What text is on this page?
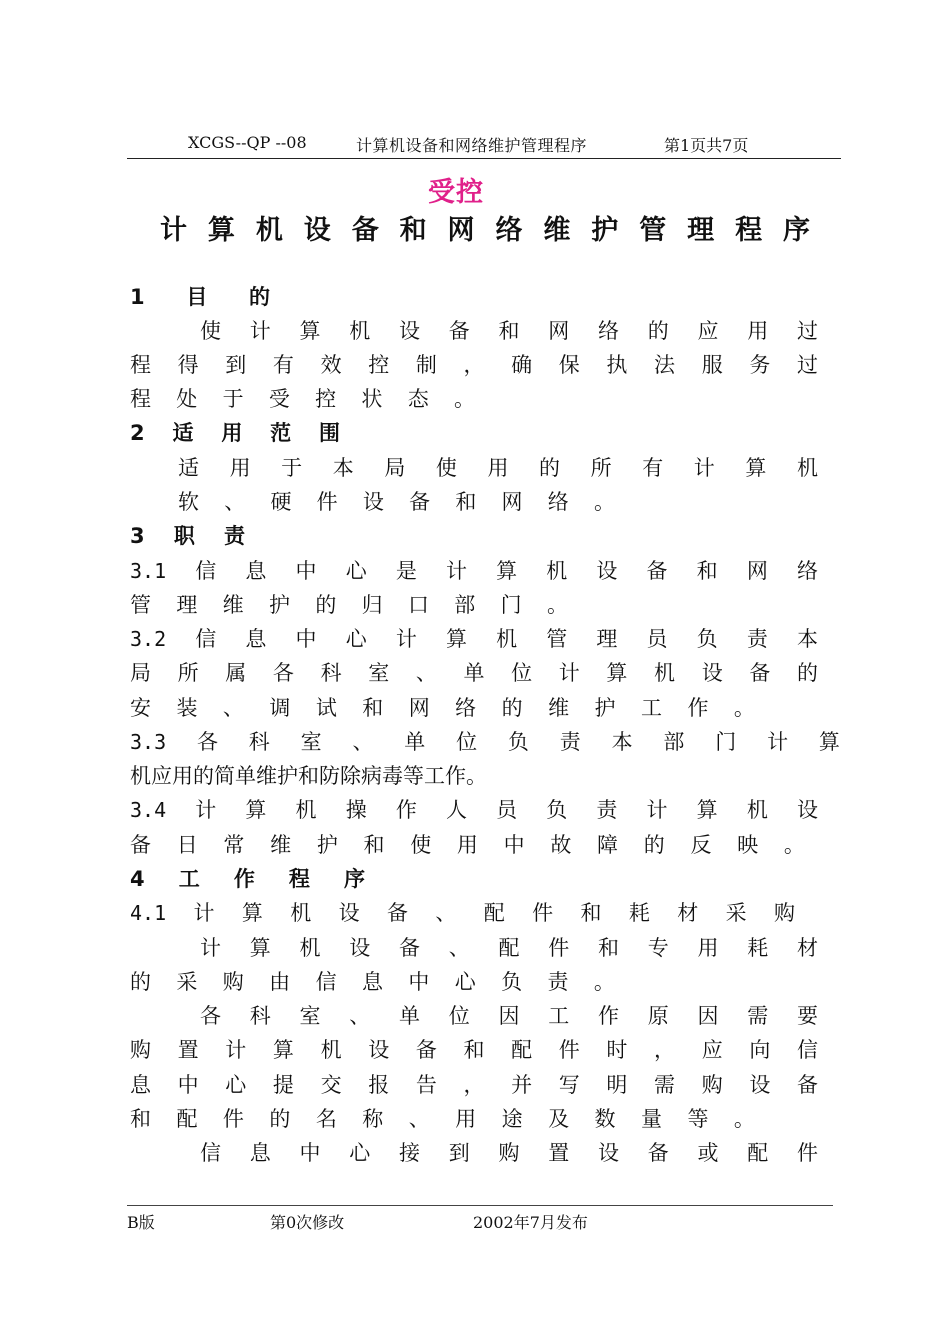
XCGS--QP --08	计算机设备和网络维护管理程序	第1页共7页
受控
计 算 机 设 备 和 网 络 维 护 管 理 程 序
1 目 的
使 计 算 机 设 备 和 网 络 的 应 用 过
程 得 到 有 效 控 制 ， 确 保 执 法 服 务 过
程 处 于 受 控 状 态 。
2 适 用 范 围
适 用 于 本 局 使 用 的 所 有 计 算 机
软 、 硬 件 设 备 和 网 络 。
3 职 责
3.1 信 息 中 心 是 计 算 机 设 备 和 网 络
管 理 维 护 的 归 口 部 门 。
3.2 信 息 中 心 计 算 机 管 理 员 负 责 本
局 所 属 各 科 室 、 单 位 计 算 机 设 备 的
安 装 、 调 试 和 网 络 的 维 护 工 作 。
3.3 各 科 室 、 单 位 负 责 本 部 门 计 算
机应用的简单维护和防除病毒等工作。
3.4 计 算 机 操 作 人 员 负 责 计 算 机 设
备 日 常 维 护 和 使 用 中 故 障 的 反 映 。
4 工 作 程 序
4.1 计 算 机 设 备 、 配 件 和 耗 材 采 购
计 算 机 设 备 、 配 件 和 专 用 耗 材
的 采 购 由 信 息 中 心 负 责 。
各 科 室 、 单 位 因 工 作 原 因 需 要
购 置 计 算 机 设 备 和 配 件 时 ， 应 向 信
息 中 心 提 交 报 告 ， 并 写 明 需 购 设 备
和 配 件 的 名 称 、 用 途 及 数 量 等 。
信 息 中 心 接 到 购 置 设 备 或 配 件
B版	第0次修改	2002年7月发布
